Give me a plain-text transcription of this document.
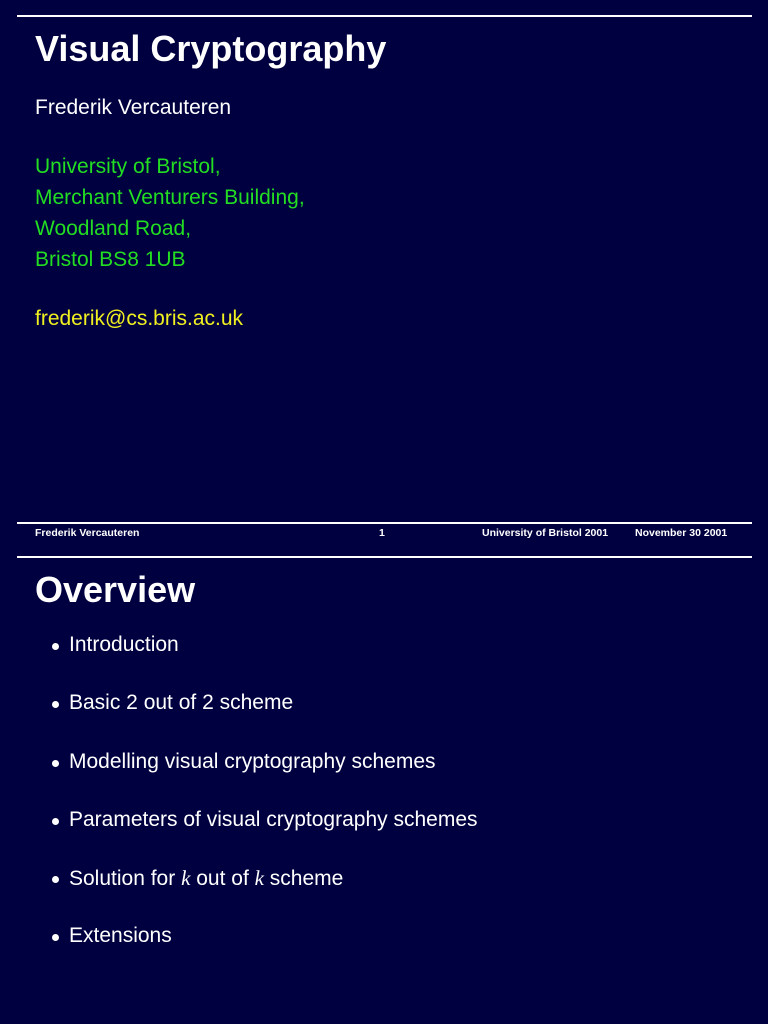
Visual Cryptography
Frederik Vercauteren
University of Bristol,
Merchant Venturers Building,
Woodland Road,
Bristol BS8 1UB
frederik@cs.bris.ac.uk
Frederik Vercauteren	1	University of Bristol 2001	November 30 2001
Overview
Introduction
Basic 2 out of 2 scheme
Modelling visual cryptography schemes
Parameters of visual cryptography schemes
Solution for k out of k scheme
Extensions
